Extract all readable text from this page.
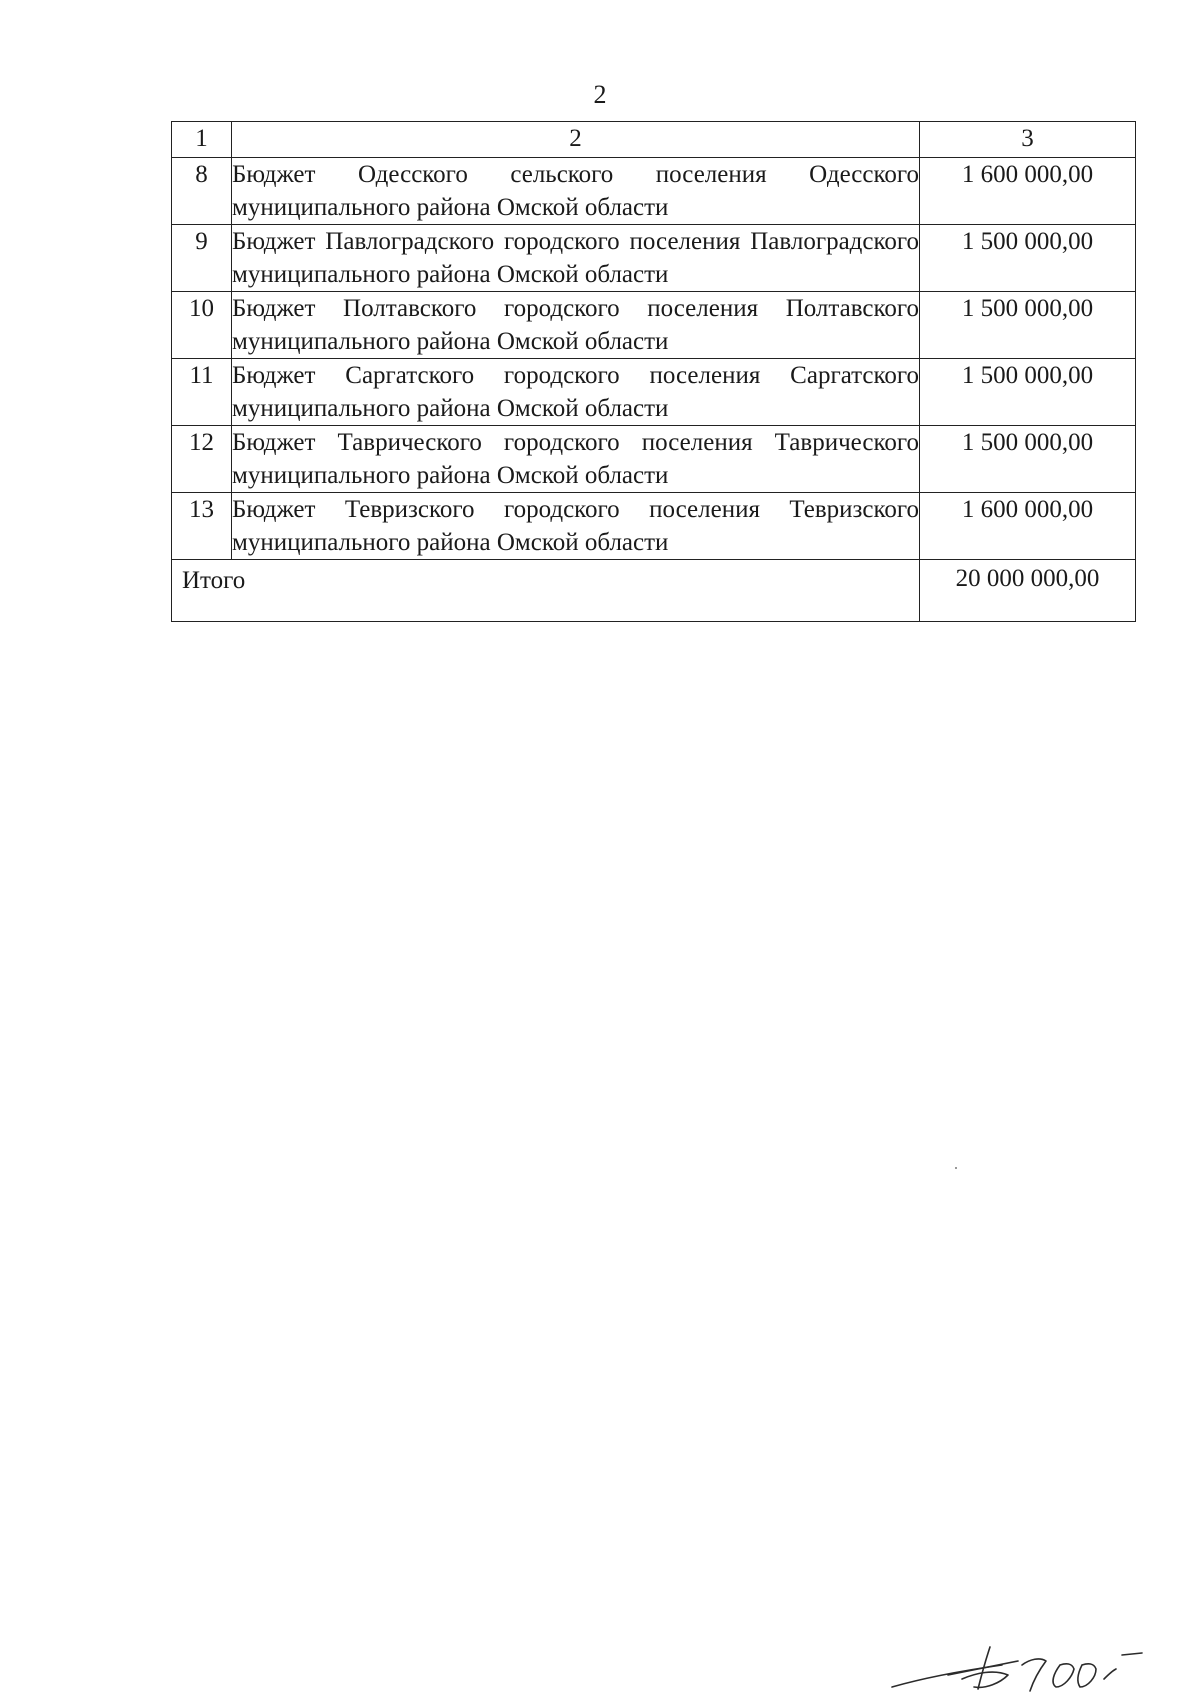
2
1	2	3
8	Бюджет Одесского сельского поселения Одесского муниципального района Омской области	1 600 000,00
9	Бюджет Павлоградского городского поселения Павлоградского муниципального района Омской области	1 500 000,00
10	Бюджет Полтавского городского поселения Полтавского муниципального района Омской области	1 500 000,00
11	Бюджет Саргатского городского поселения Саргатского муниципального района Омской области	1 500 000,00
12	Бюджет Таврического городского поселения Таврического муниципального района Омской области	1 500 000,00
13	Бюджет Тевризского городского поселения Тевризского муниципального района Омской области	1 600 000,00
Итого		20 000 000,00
